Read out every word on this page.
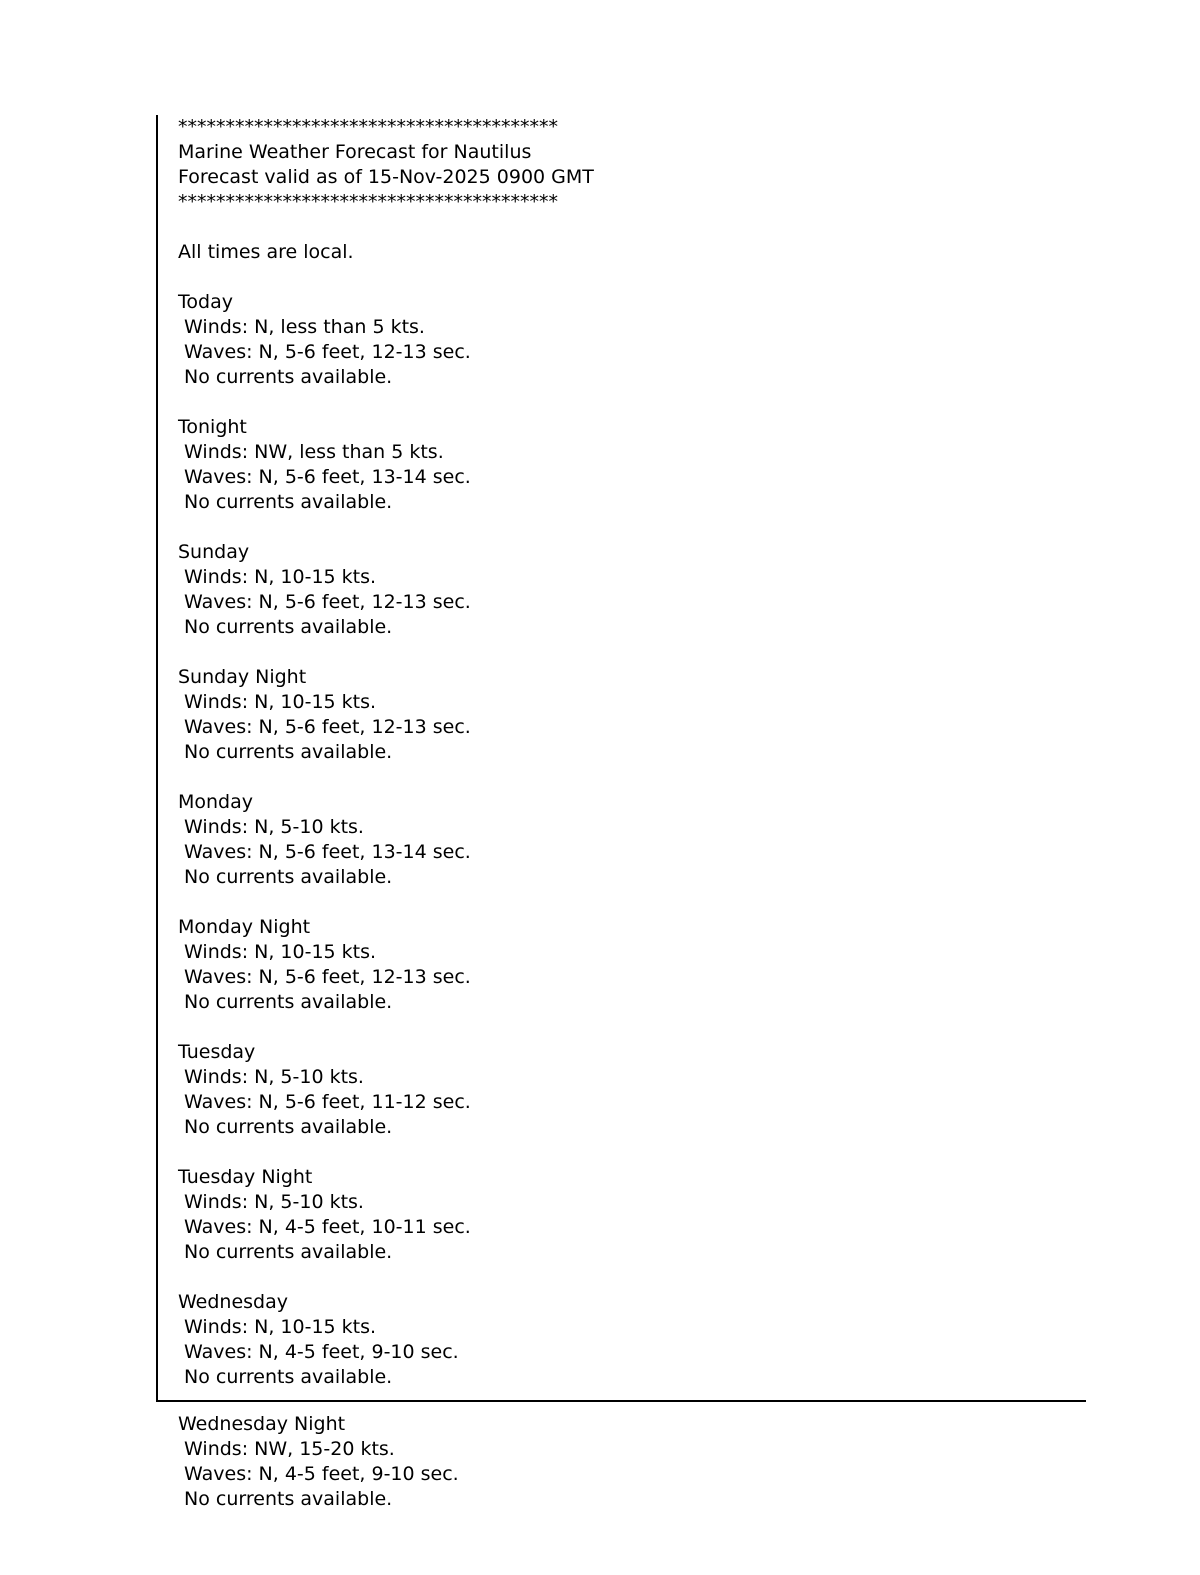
****************************************
Marine Weather Forecast for Nautilus
Forecast valid as of 15-Nov-2025 0900 GMT
****************************************
All times are local.
Today
Winds: N, less than 5 kts.
Waves: N, 5-6 feet, 12-13 sec.
No currents available.
Tonight
Winds: NW, less than 5 kts.
Waves: N, 5-6 feet, 13-14 sec.
No currents available.
Sunday
Winds: N, 10-15 kts.
Waves: N, 5-6 feet, 12-13 sec.
No currents available.
Sunday Night
Winds: N, 10-15 kts.
Waves: N, 5-6 feet, 12-13 sec.
No currents available.
Monday
Winds: N, 5-10 kts.
Waves: N, 5-6 feet, 13-14 sec.
No currents available.
Monday Night
Winds: N, 10-15 kts.
Waves: N, 5-6 feet, 12-13 sec.
No currents available.
Tuesday
Winds: N, 5-10 kts.
Waves: N, 5-6 feet, 11-12 sec.
No currents available.
Tuesday Night
Winds: N, 5-10 kts.
Waves: N, 4-5 feet, 10-11 sec.
No currents available.
Wednesday
Winds: N, 10-15 kts.
Waves: N, 4-5 feet, 9-10 sec.
No currents available.
Wednesday Night
Winds: NW, 15-20 kts.
Waves: N, 4-5 feet, 9-10 sec.
No currents available.
